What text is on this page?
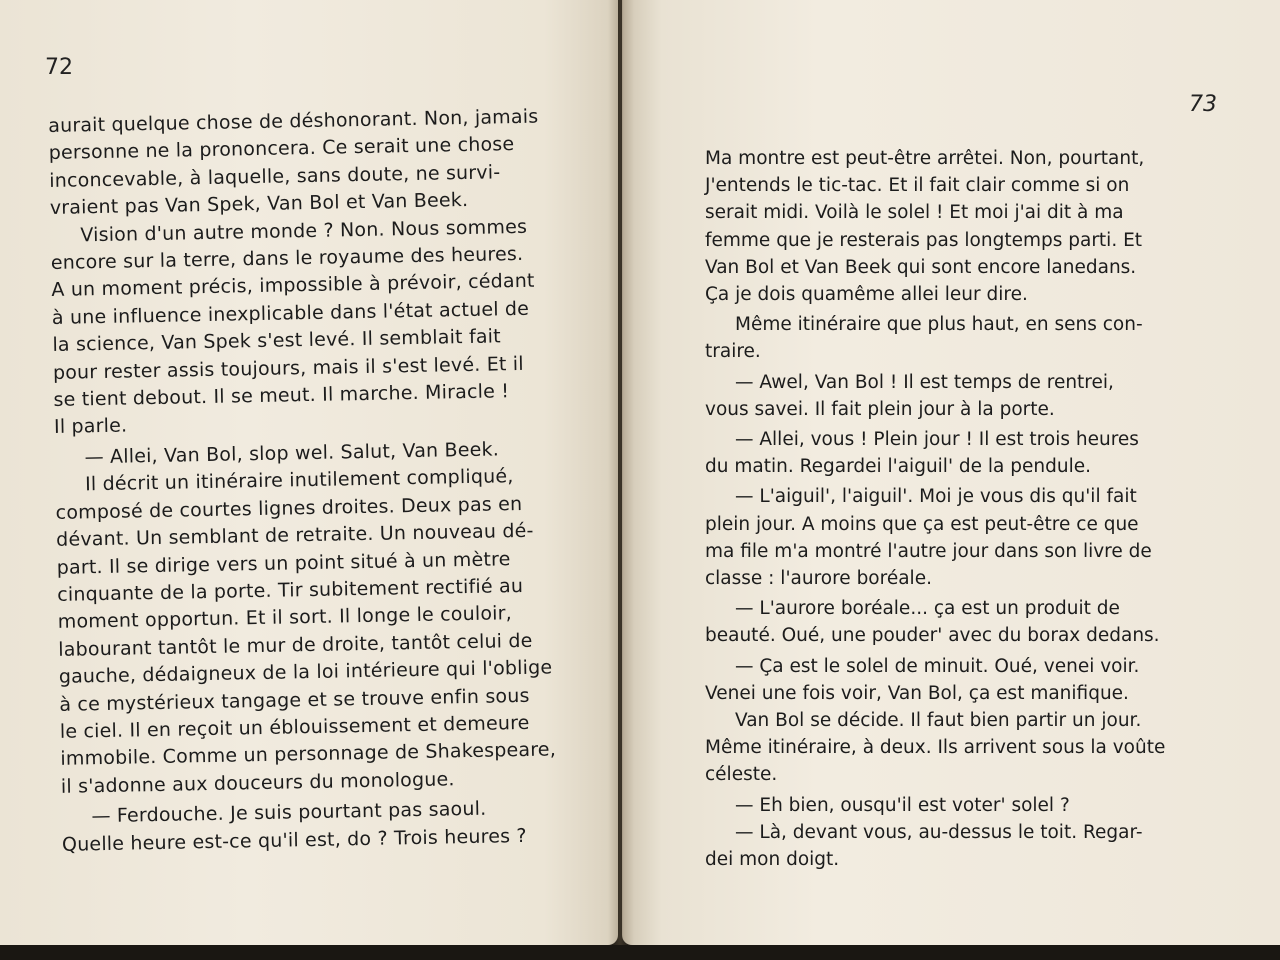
72
aurait quelque chose de déshonorant. Non, jamais
personne ne la prononcera. Ce serait une chose
inconcevable, à laquelle, sans doute, ne survi-
vraient pas Van Spek, Van Bol et Van Beek.
Vision d'un autre monde ? Non. Nous sommes
encore sur la terre, dans le royaume des heures.
A un moment précis, impossible à prévoir, cédant
à une influence inexplicable dans l'état actuel de
la science, Van Spek s'est levé. Il semblait fait
pour rester assis toujours, mais il s'est levé. Et il
se tient debout. Il se meut. Il marche. Miracle !
Il parle.
— Allei, Van Bol, slop wel. Salut, Van Beek.
Il décrit un itinéraire inutilement compliqué,
composé de courtes lignes droites. Deux pas en
dévant. Un semblant de retraite. Un nouveau dé-
part. Il se dirige vers un point situé à un mètre
cinquante de la porte. Tir subitement rectifié au
moment opportun. Et il sort. Il longe le couloir,
labourant tantôt le mur de droite, tantôt celui de
gauche, dédaigneux de la loi intérieure qui l'oblige
à ce mystérieux tangage et se trouve enfin sous
le ciel. Il en reçoit un éblouissement et demeure
immobile. Comme un personnage de Shakespeare,
il s'adonne aux douceurs du monologue.
— Ferdouche. Je suis pourtant pas saoul.
Quelle heure est-ce qu'il est, do ? Trois heures ?
73
Ma montre est peut-être arrêtei. Non, pourtant,
J'entends le tic-tac. Et il fait clair comme si on
serait midi. Voilà le solel ! Et moi j'ai dit à ma
femme que je resterais pas longtemps parti. Et
Van Bol et Van Beek qui sont encore lanedans.
Ça je dois quamême allei leur dire.
Même itinéraire que plus haut, en sens con-
traire.
— Awel, Van Bol ! Il est temps de rentrei,
vous savei. Il fait plein jour à la porte.
— Allei, vous ! Plein jour ! Il est trois heures
du matin. Regardei l'aiguil' de la pendule.
— L'aiguil', l'aiguil'. Moi je vous dis qu'il fait
plein jour. A moins que ça est peut-être ce que
ma file m'a montré l'autre jour dans son livre de
classe : l'aurore boréale.
— L'aurore boréale... ça est un produit de
beauté. Oué, une pouder' avec du borax dedans.
— Ça est le solel de minuit. Oué, venei voir.
Venei une fois voir, Van Bol, ça est manifique.
Van Bol se décide. Il faut bien partir un jour.
Même itinéraire, à deux. Ils arrivent sous la voûte
céleste.
— Eh bien, ousqu'il est voter' solel ?
— Là, devant vous, au-dessus le toit. Regar-
dei mon doigt.
